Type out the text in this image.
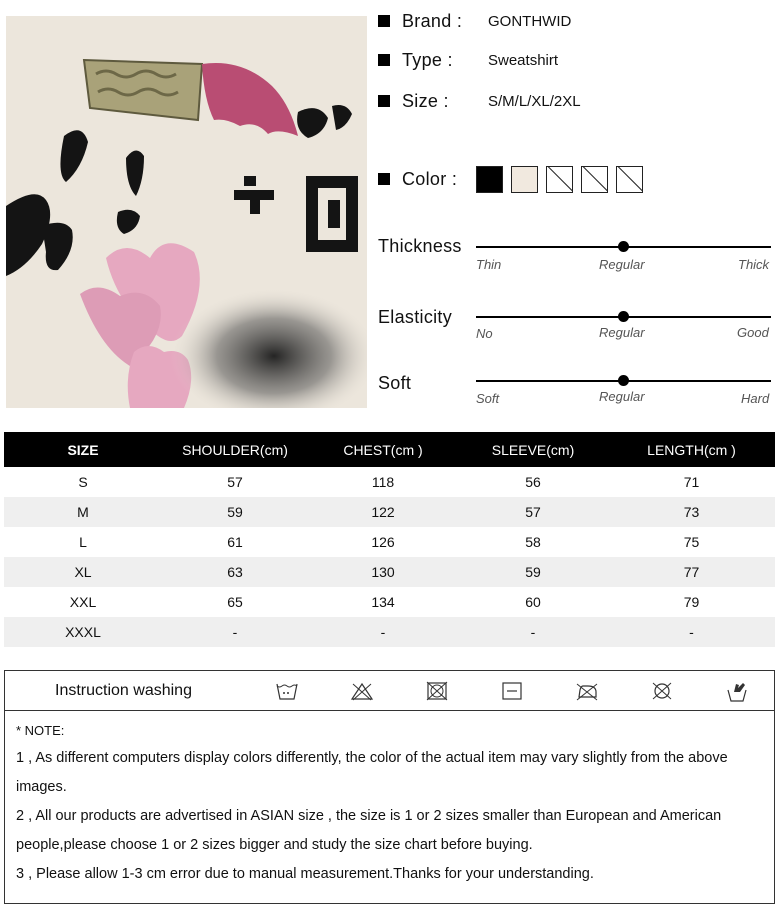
Brand :	GONTHWID
Type :	Sweatshirt
Size :	S/M/L/XL/2XL
Color :
Thickness
Thin	Regular	Thick
Elasticity
No	Regular	Good
Soft
Soft	Regular	Hard
SIZE	SHOULDER(cm)	CHEST(cm )	SLEEVE(cm)	LENGTH(cm )
S	57	118	56	71
M	59	122	57	73
L	61	126	58	75
XL	63	130	59	77
XXL	65	134	60	79
XXXL	-	-	-	-
Instruction washing
* NOTE:
1 , As different computers display colors differently, the color of the actual item may vary slightly from the above
images.
2 , All our products are advertised in ASIAN size , the size is 1 or 2 sizes smaller than European and American
people,please choose 1 or 2 sizes bigger and study the size chart before buying.
3 , Please allow 1-3 cm error due to manual measurement.Thanks for your understanding.
